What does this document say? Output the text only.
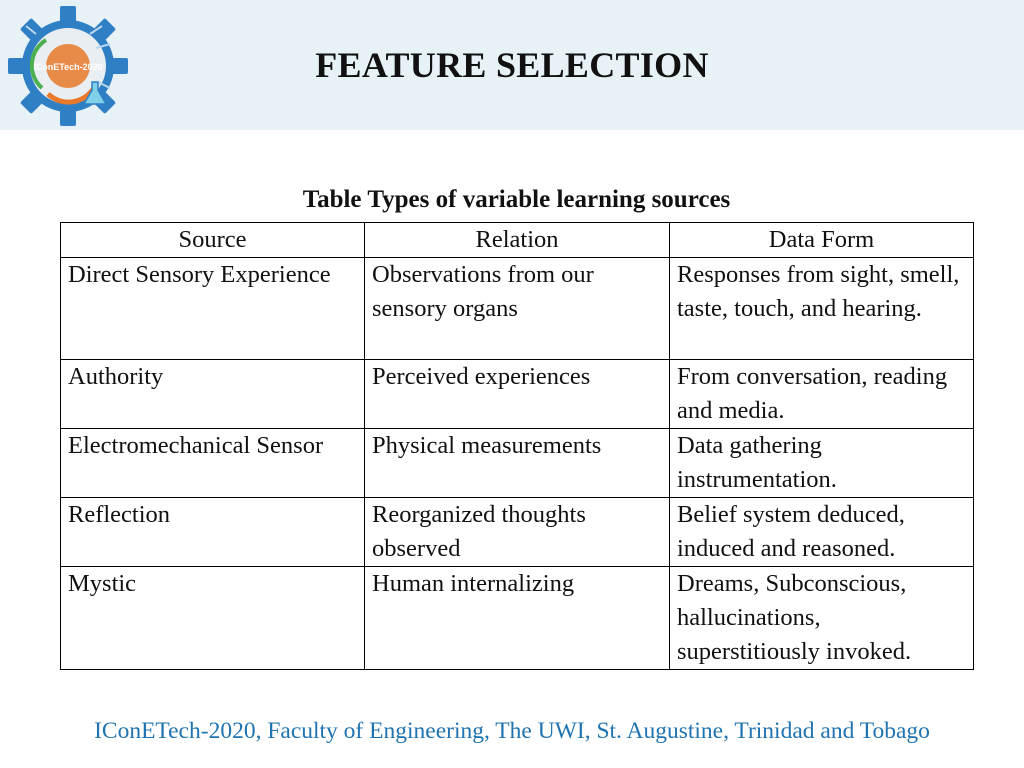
IConETech-2020	FEATURE SELECTION
Table Types of variable learning sources
Source	Relation	Data Form
Direct Sensory Experience	Observations from our sensory organs	Responses from sight, smell, taste, touch, and hearing.
Authority	Perceived experiences	From conversation, reading and media.
Electromechanical Sensor	Physical measurements	Data gathering instrumentation.
Reflection	Reorganized thoughts observed	Belief system deduced, induced and reasoned.
Mystic	Human internalizing	Dreams, Subconscious, hallucinations, superstitiously invoked.
IConETech-2020, Faculty of Engineering, The UWI, St. Augustine, Trinidad and Tobago
